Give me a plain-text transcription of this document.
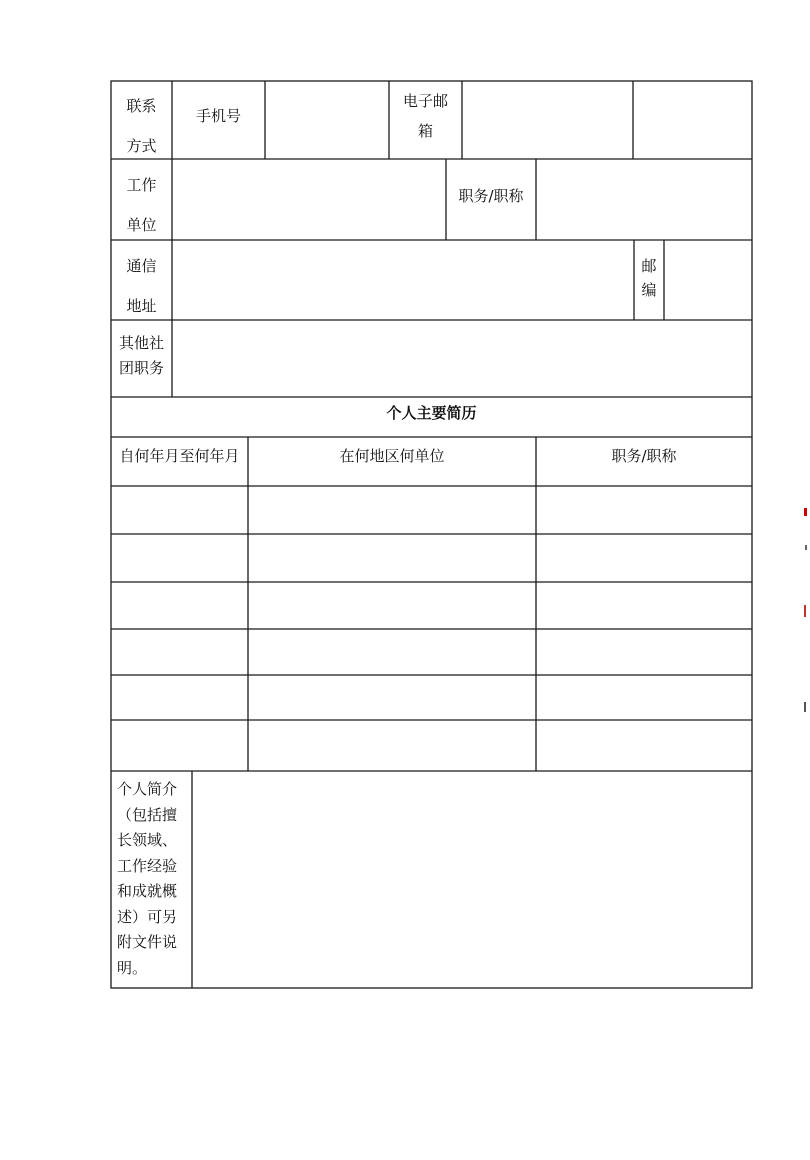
联系
方式
手机号
电子邮
箱
工作
单位
职务/职称
通信
地址
邮
编
其他社
团职务
个人主要简历
自何年月至何年月	在何地区何单位	职务/职称
个人简介
（包括擅
长领域、
工作经验
和成就概
述）可另
附文件说
明。
